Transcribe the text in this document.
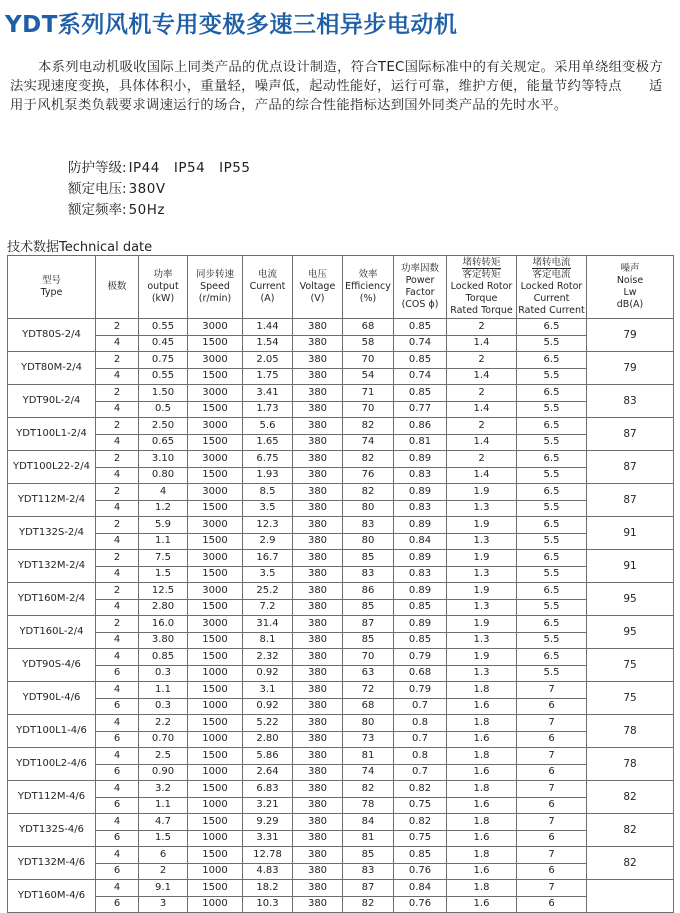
YDT系列风机专用变极多速三相异步电动机

本系列电动机吸收国际上同类产品的优点设计制造，符合TEC国际标准中的有关规定。采用单绕组变极方法实现速度变换，具体体积小，重量轻，噪声低，起动性能好，运行可靠，维护方便，能量节约等特点　　适用于风机泵类负载要求调速运行的场合，产品的综合性能指标达到国外同类产品的先时水平。

防护等级: IP44　IP54　IP55
额定电压: 380V
额定频率: 50Hz

技术数据Technical date

型号
Type	极数	功率
output
(kW)	同步转速
Speed
(r/min)	电流
Current
(A)	电压
Voltage
(V)	效率
Efficiency
(%)	功率因数
Power
Factor
(COS ϕ)	堵转转矩

客定转矩
Locked Rotor
Torque
Rated Torque	堵转电流

客定电流
Locked Rotor
Current
Rated Current	噪声
Noise
Lw
dB(A)

YDT80S-2/4	2	0.55	3000	1.44	380	68	0.85	2	6.5	79
	4	0.45	1500	1.54	380	58	0.74	1.4	5.5	
YDT80M-2/4	2	0.75	3000	2.05	380	70	0.85	2	6.5	79
	4	0.55	1500	1.75	380	54	0.74	1.4	5.5	
YDT90L-2/4	2	1.50	3000	3.41	380	71	0.85	2	6.5	83
	4	0.5	1500	1.73	380	70	0.77	1.4	5.5	
YDT100L1-2/4	2	2.50	3000	5.6	380	82	0.86	2	6.5	87
	4	0.65	1500	1.65	380	74	0.81	1.4	5.5	
YDT100L22-2/4	2	3.10	3000	6.75	380	82	0.89	2	6.5	87
	4	0.80	1500	1.93	380	76	0.83	1.4	5.5	
YDT112M-2/4	2	4	3000	8.5	380	82	0.89	1.9	6.5	87
	4	1.2	1500	3.5	380	80	0.83	1.3	5.5	
YDT132S-2/4	2	5.9	3000	12.3	380	83	0.89	1.9	6.5	91
	4	1.1	1500	2.9	380	80	0.84	1.3	5.5	
YDT132M-2/4	2	7.5	3000	16.7	380	85	0.89	1.9	6.5	91
	4	1.5	1500	3.5	380	83	0.83	1.3	5.5	
YDT160M-2/4	2	12.5	3000	25.2	380	86	0.89	1.9	6.5	95
	4	2.80	1500	7.2	380	85	0.85	1.3	5.5	
YDT160L-2/4	2	16.0	3000	31.4	380	87	0.89	1.9	6.5	95
	4	3.80	1500	8.1	380	85	0.85	1.3	5.5	
YDT90S-4/6	4	0.85	1500	2.32	380	70	0.79	1.9	6.5	75
	6	0.3	1000	0.92	380	63	0.68	1.3	5.5	
YDT90L-4/6	4	1.1	1500	3.1	380	72	0.79	1.8	7	75
	6	0.3	1000	0.92	380	68	0.7	1.6	6	
YDT100L1-4/6	4	2.2	1500	5.22	380	80	0.8	1.8	7	78
	6	0.70	1000	2.80	380	73	0.7	1.6	6	
YDT100L2-4/6	4	2.5	1500	5.86	380	81	0.8	1.8	7	78
	6	0.90	1000	2.64	380	74	0.7	1.6	6	
YDT112M-4/6	4	3.2	1500	6.83	380	82	0.82	1.8	7	82
	6	1.1	1000	3.21	380	78	0.75	1.6	6	
YDT132S-4/6	4	4.7	1500	9.29	380	84	0.82	1.8	7	82
	6	1.5	1000	3.31	380	81	0.75	1.6	6	
YDT132M-4/6	4	6	1500	12.78	380	85	0.85	1.8	7	82
	6	2	1000	4.83	380	83	0.76	1.6	6	
YDT160M-4/6	4	9.1	1500	18.2	380	87	0.84	1.8	7	
	6	3	1000	10.3	380	82	0.76	1.6	6	
